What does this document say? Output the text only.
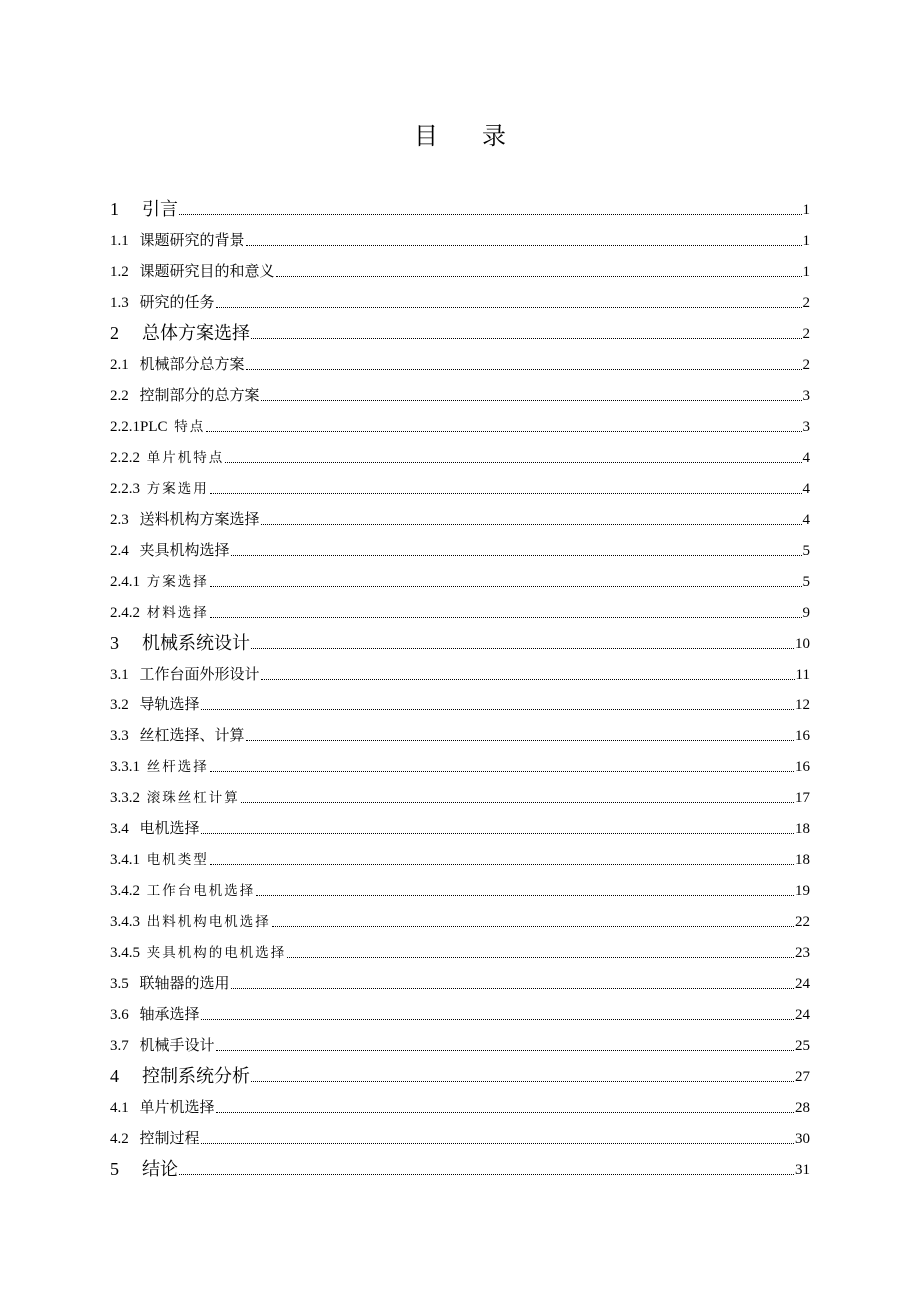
目录
1 引言	1
1.1 课题研究的背景	1
1.2 课题研究目的和意义	1
1.3 研究的任务	2
2 总体方案选择	2
2.1 机械部分总方案	2
2.2 控制部分的总方案	3
2.2.1PLC 特点	3
2.2.2 单片机特点	4
2.2.3 方案选用	4
2.3 送料机构方案选择	4
2.4 夹具机构选择	5
2.4.1 方案选择	5
2.4.2 材料选择	9
3 机械系统设计	10
3.1 工作台面外形设计	11
3.2 导轨选择	12
3.3 丝杠选择、计算	16
3.3.1 丝杆选择	16
3.3.2 滚珠丝杠计算	17
3.4 电机选择	18
3.4.1 电机类型	18
3.4.2 工作台电机选择	19
3.4.3 出料机构电机选择	22
3.4.5 夹具机构的电机选择	23
3.5 联轴器的选用	24
3.6 轴承选择	24
3.7 机械手设计	25
4 控制系统分析	27
4.1 单片机选择	28
4.2 控制过程	30
5 结论	31
